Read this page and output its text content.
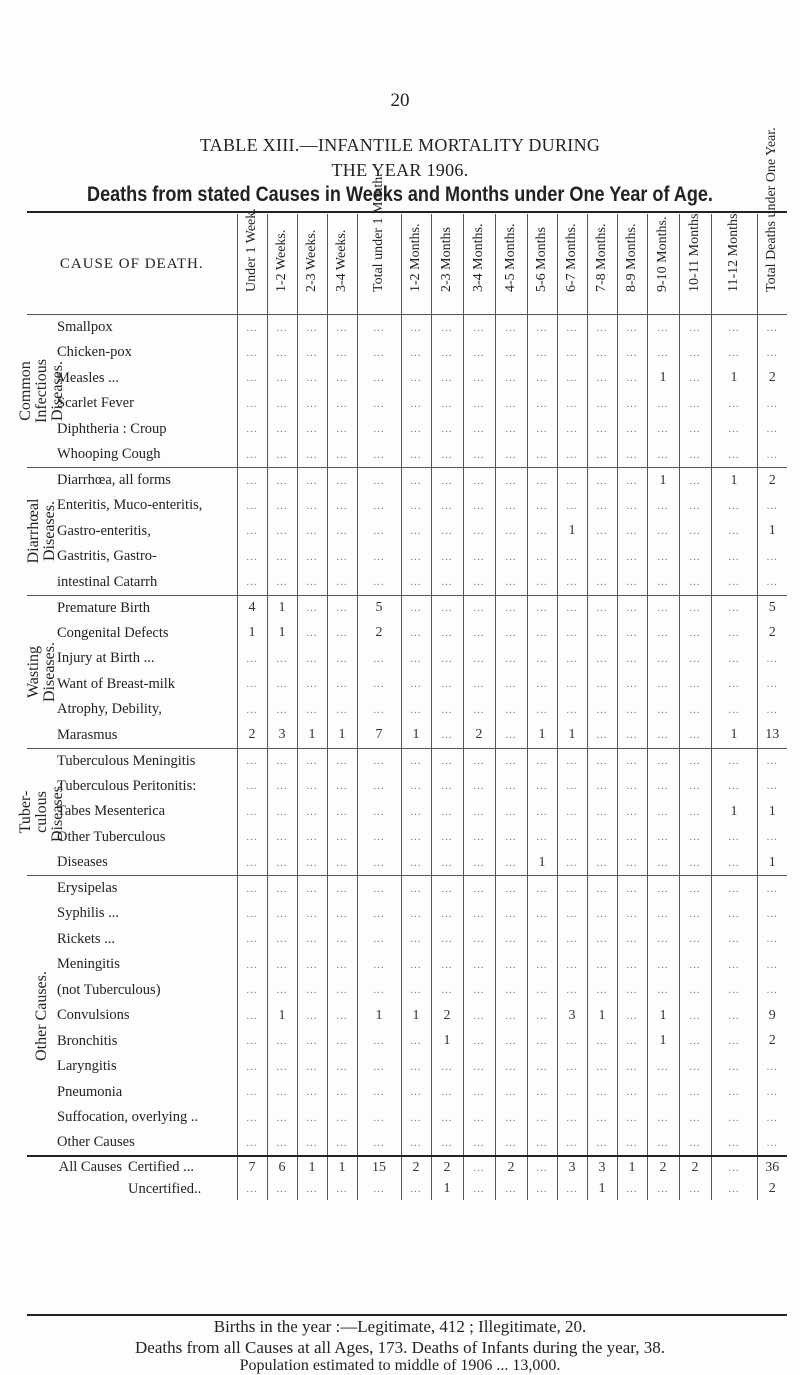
20
TABLE XIII.—INFANTILE MORTALITY DURING
THE YEAR 1906.
Deaths from stated Causes in Weeks and Months under One Year of Age.
CAUSE OF DEATH.		Under 1 Week.	1-2 Weeks.	2-3 Weeks.	3-4 Weeks.	Total under 1 Month.	1-2 Months.	2-3 Months	3-4 Months.	4-5 Months.	5-6 Months	6-7 Months.	7-8 Months.	8-9 Months.	9-10 Months.	10-11 Months.	11-12 Months.	Total Deaths under One Year.

Common
Infectious
Diseases.	Smallpox	...	...	...	...	...	...	...	...	...	...	...	...	...	...	...	...	...
	Chicken-pox	...	...	...	...	...	...	...	...	...	...	...	...	...	...	...	...	...
	Measles ...	...	...	...	...	...	...	...	...	...	...	...	...	...	1	...	1	2
	Scarlet Fever	...	...	...	...	...	...	...	...	...	...	...	...	...	...	...	...	...
	Diphtheria : Croup	...	...	...	...	...	...	...	...	...	...	...	...	...	...	...	...	...
	Whooping Cough	...	...	...	...	...	...	...	...	...	...	...	...	...	...	...	...	...

Diarrhœal
Diseases.	Diarrhœa, all forms	...	...	...	...	...	...	...	...	...	...	...	...	...	1	...	1	2
	Enteritis, Muco-enteritis,	...	...	...	...	...	...	...	...	...	...	...	...	...	...	...	...	...
	Gastro-enteritis,	...	...	...	...	...	...	...	...	...	...	1	...	...	...	...	...	1
	Gastritis, Gastro-	...	...	...	...	...	...	...	...	...	...	...	...	...	...	...	...	...
	intestinal Catarrh	...	...	...	...	...	...	...	...	...	...	...	...	...	...	...	...	...

Wasting
Diseases.	Premature Birth	4	1	...	...	5	...	...	...	...	...	...	...	...	...	...	...	5
	Congenital Defects	1	1	...	...	2	...	...	...	...	...	...	...	...	...	...	...	2
	Injury at Birth ...	...	...	...	...	...	...	...	...	...	...	...	...	...	...	...	...	...
	Want of Breast-milk	...	...	...	...	...	...	...	...	...	...	...	...	...	...	...	...	...
	Atrophy, Debility,	...	...	...	...	...	...	...	...	...	...	...	...	...	...	...	...	...
	Marasmus	2	3	1	1	7	1	...	2	...	1	1	...	...	...	...	1	13

Tuber-
culous
Diseases.	Tuberculous Meningitis	...	...	...	...	...	...	...	...	...	...	...	...	...	...	...	...	...
	Tuberculous Peritonitis:	...	...	...	...	...	...	...	...	...	...	...	...	...	...	...	...	...
	Tabes Mesenterica	...	...	...	...	...	...	...	...	...	...	...	...	...	...	...	1	1
	Other Tuberculous	...	...	...	...	...	...	...	...	...	...	...	...	...	...	...	...	...
	Diseases	...	...	...	...	...	...	...	...	...	1	...	...	...	...	...	...	1

Other Causes.	Erysipelas	...	...	...	...	...	...	...	...	...	...	...	...	...	...	...	...	...
	Syphilis ...	...	...	...	...	...	...	...	...	...	...	...	...	...	...	...	...	...
	Rickets ...	...	...	...	...	...	...	...	...	...	...	...	...	...	...	...	...	...
	Meningitis	...	...	...	...	...	...	...	...	...	...	...	...	...	...	...	...	...
	(not Tuberculous)	...	...	...	...	...	...	...	...	...	...	...	...	...	...	...	...	...
	Convulsions	...	1	...	...	1	1	2	...	...	...	3	1	...	1	...	...	9
	Bronchitis	...	...	...	...	...	...	1	...	...	...	...	...	...	1	...	...	2
	Laryngitis	...	...	...	...	...	...	...	...	...	...	...	...	...	...	...	...	...
	Pneumonia	...	...	...	...	...	...	...	...	...	...	...	...	...	...	...	...	...
	Suffocation, overlying ..	...	...	...	...	...	...	...	...	...	...	...	...	...	...	...	...	...
	Other Causes	...	...	...	...	...	...	...	...	...	...	...	...	...	...	...	...	...
All Causes Certified ...		7	6	1	1	15	2	2	...	2	...	3	3	1	2	2	...	36
Uncertified..		...	...	...	...	...	...	1	...	...	...	...	1	...	...	...	...	2
Births in the year :—Legitimate, 412 ; Illegitimate, 20.
Deaths from all Causes at all Ages, 173. Deaths of Infants during the year, 38.
Population estimated to middle of 1906 ... 13,000.
